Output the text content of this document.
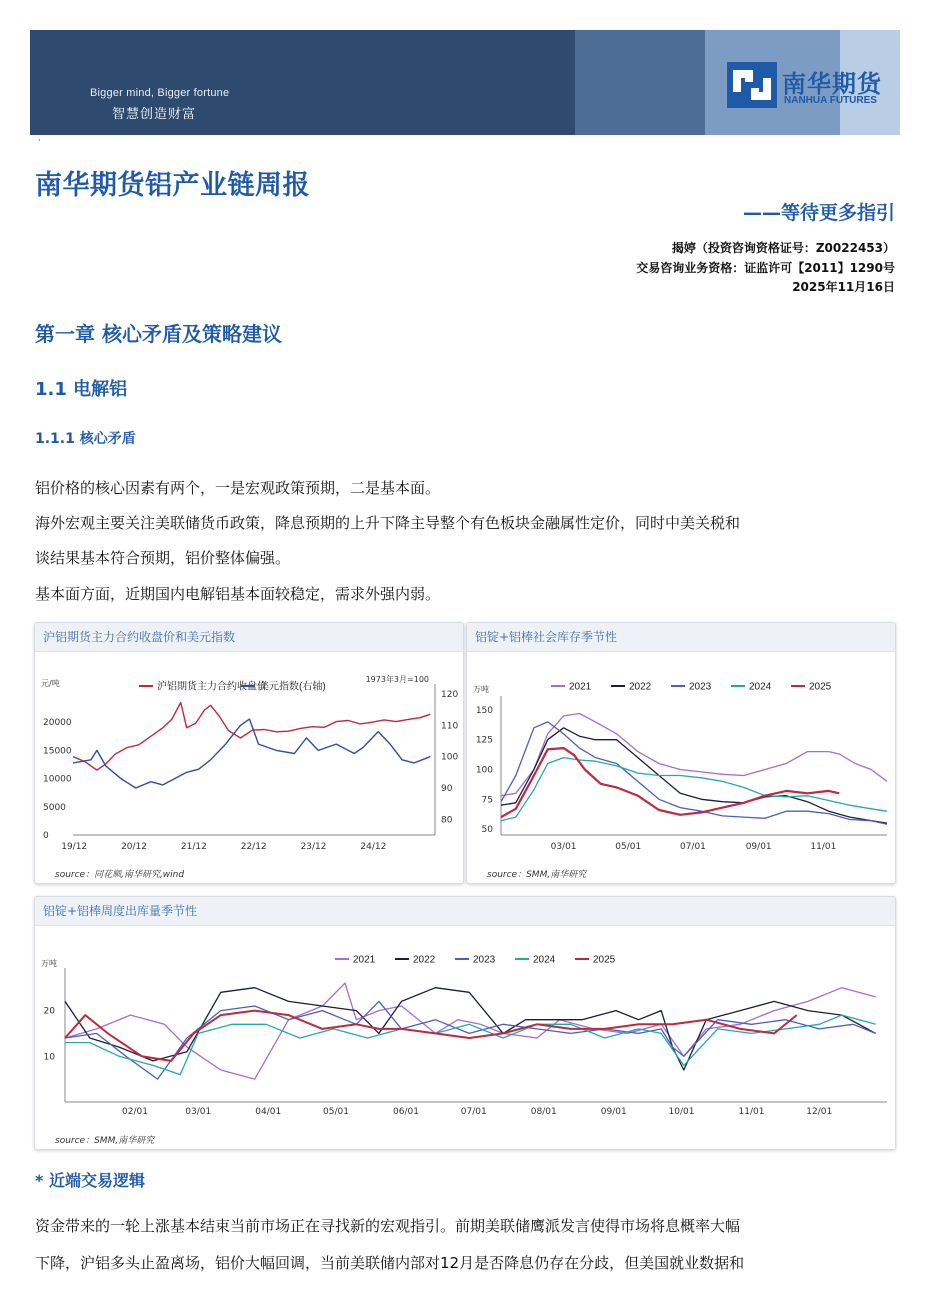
Bigger mind, Bigger fortune
智慧创造财富
南华期货
NANHUA FUTURES
·
南华期货铝产业链周报
——等待更多指引
揭婷（投资咨询资格证号：Z0022453）
交易咨询业务资格：证监许可【2011】1290号
2025年11月16日
第一章 核心矛盾及策略建议
1.1 电解铝
1.1.1 核心矛盾
铝价格的核心因素有两个，一是宏观政策预期，二是基本面。
海外宏观主要关注美联储货币政策，降息预期的上升下降主导整个有色板块金融属性定价，同时中美关税和
谈结果基本符合预期，铝价整体偏强。
基本面方面，近期国内电解铝基本面较稳定，需求外强内弱。
沪铝期货主力合约收盘价和美元指数
元/吨	1973年3月=100
0
5000
10000
15000
20000
80
90
100
110
120
19/12	20/12	21/12	22/12	23/12	24/12
沪铝期货主力合约收盘价
美元指数(右轴)
source：同花顺,南华研究,wind
铝锭+铝棒社会库存季节性
万吨
50
75
100
125
150
03/01	05/01	07/01	09/01	11/01
2021	2022	2023	2024	2025
source：SMM,南华研究
铝锭+铝棒周度出库量季节性
万吨
10
20
02/01	03/01	04/01	05/01	06/01	07/01	08/01	09/01	10/01	11/01	12/01
2021	2022	2023	2024	2025
source：SMM,南华研究
* 近端交易逻辑
资金带来的一轮上涨基本结束当前市场正在寻找新的宏观指引。前期美联储鹰派发言使得市场将息概率大幅
下降，沪铝多头止盈离场，铝价大幅回调，当前美联储内部对12月是否降息仍存在分歧，但美国就业数据和
